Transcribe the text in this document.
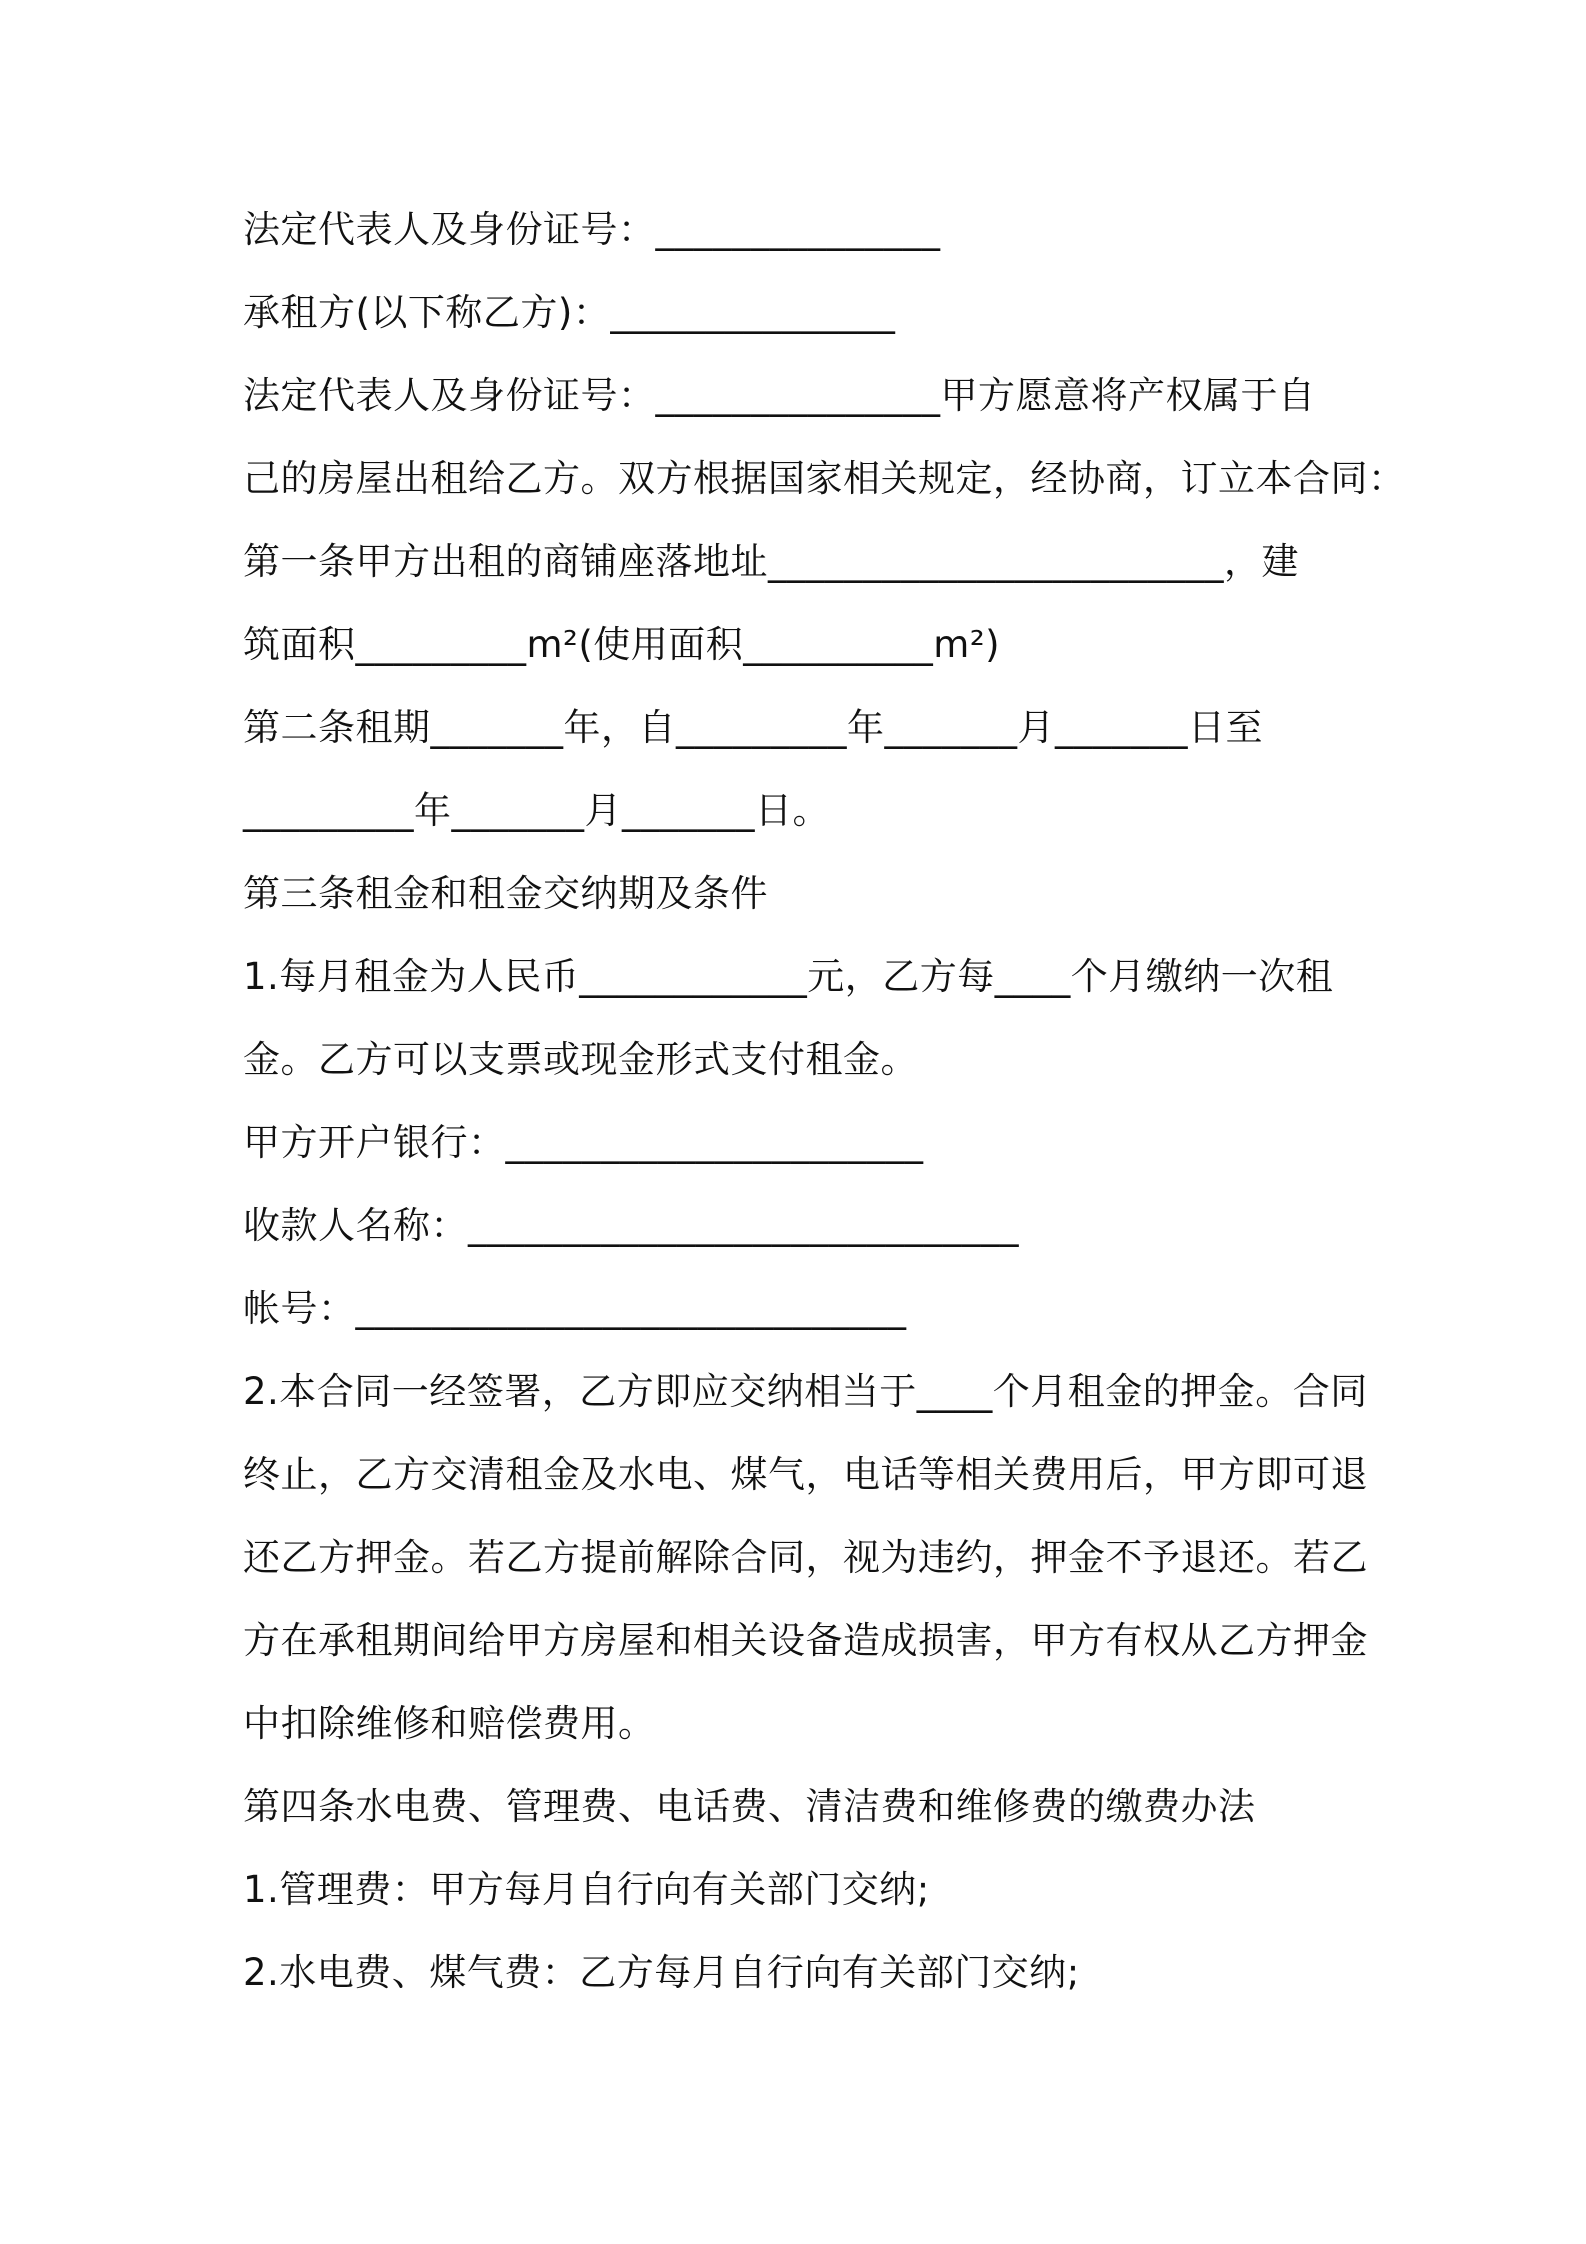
法定代表人及身份证号：_______________
承租方(以下称乙方)：_______________
法定代表人及身份证号：_______________甲方愿意将产权属于自
己的房屋出租给乙方。双方根据国家相关规定，经协商，订立本合同：
第一条甲方出租的商铺座落地址________________________，建
筑面积_________m²(使用面积__________m²)
第二条租期_______年，自_________年_______月_______日至
_________年_______月_______日。
第三条租金和租金交纳期及条件
1.每月租金为人民币____________元，乙方每____个月缴纳一次租
金。乙方可以支票或现金形式支付租金。
甲方开户银行：______________________
收款人名称：_____________________________
帐号：_____________________________
2.本合同一经签署，乙方即应交纳相当于____个月租金的押金。合同
终止，乙方交清租金及水电、煤气，电话等相关费用后，甲方即可退
还乙方押金。若乙方提前解除合同，视为违约，押金不予退还。若乙
方在承租期间给甲方房屋和相关设备造成损害，甲方有权从乙方押金
中扣除维修和赔偿费用。
第四条水电费、管理费、电话费、清洁费和维修费的缴费办法
1.管理费：甲方每月自行向有关部门交纳;
2.水电费、煤气费：乙方每月自行向有关部门交纳;
